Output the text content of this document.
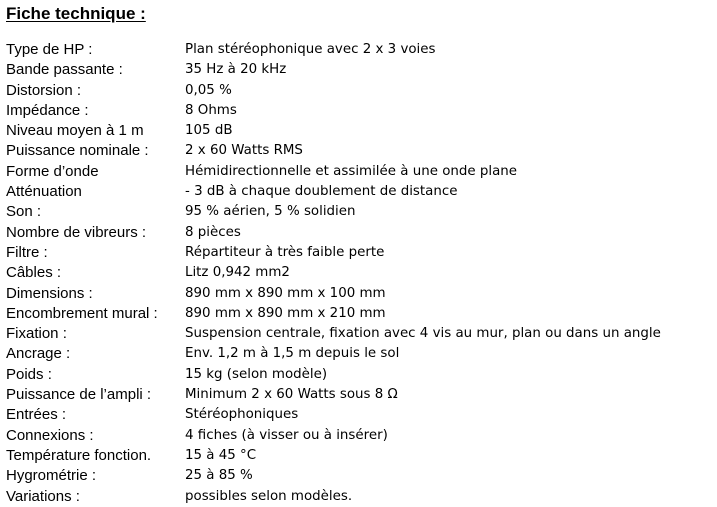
Fiche technique :
Type de HP :	Plan stéréophonique avec 2 x 3 voies
Bande passante :	35 Hz à 20 kHz
Distorsion :	0,05 %
Impédance :	8 Ohms
Niveau moyen à 1 m	105 dB
Puissance nominale :	2 x 60 Watts RMS
Forme d’onde	Hémidirectionnelle et assimilée à une onde plane
Atténuation	- 3 dB à chaque doublement de distance
Son :	95 % aérien, 5 % solidien
Nombre de vibreurs :	8 pièces
Filtre :	Répartiteur à très faible perte
Câbles :	Litz 0,942 mm2
Dimensions :	890 mm x 890 mm x 100 mm
Encombrement mural : 890 mm x 890 mm x 210 mm
Fixation :	Suspension centrale, fixation avec 4 vis au mur, plan ou dans un angle
Ancrage :	Env. 1,2 m à 1,5 m depuis le sol
Poids :	15 kg (selon modèle)
Puissance de l’ampli :	Minimum 2 x 60 Watts sous 8 Ω
Entrées :	Stéréophoniques
Connexions :	4 fiches (à visser ou à insérer)
Température fonction.	15 à 45 °C
Hygrométrie :	25 à 85 %
Variations :	possibles selon modèles.
